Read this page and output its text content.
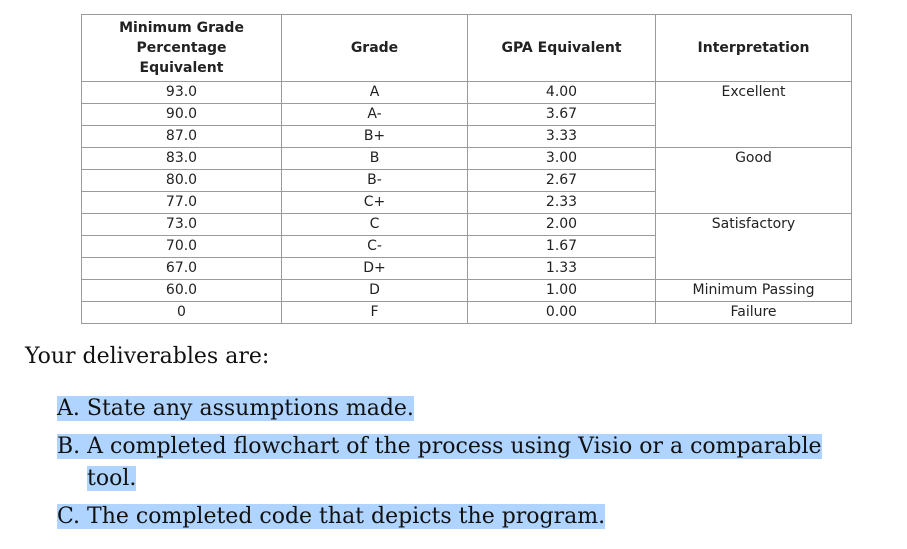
Minimum Grade
Percentage
Equivalent	Grade	GPA Equivalent	Interpretation

93.0	A	4.00	Excellent
90.0	A-	3.67	
87.0	B+	3.33	
83.0	B	3.00	Good
80.0	B-	2.67	
77.0	C+	2.33	
73.0	C	2.00	Satisfactory
70.0	C-	1.67	
67.0	D+	1.33	
60.0	D	1.00	Minimum Passing
0	F	0.00	Failure
Your deliverables are:
A. State any assumptions made.
B. A completed flowchart of the process using Visio or a comparable
tool.
C. The completed code that depicts the program.
